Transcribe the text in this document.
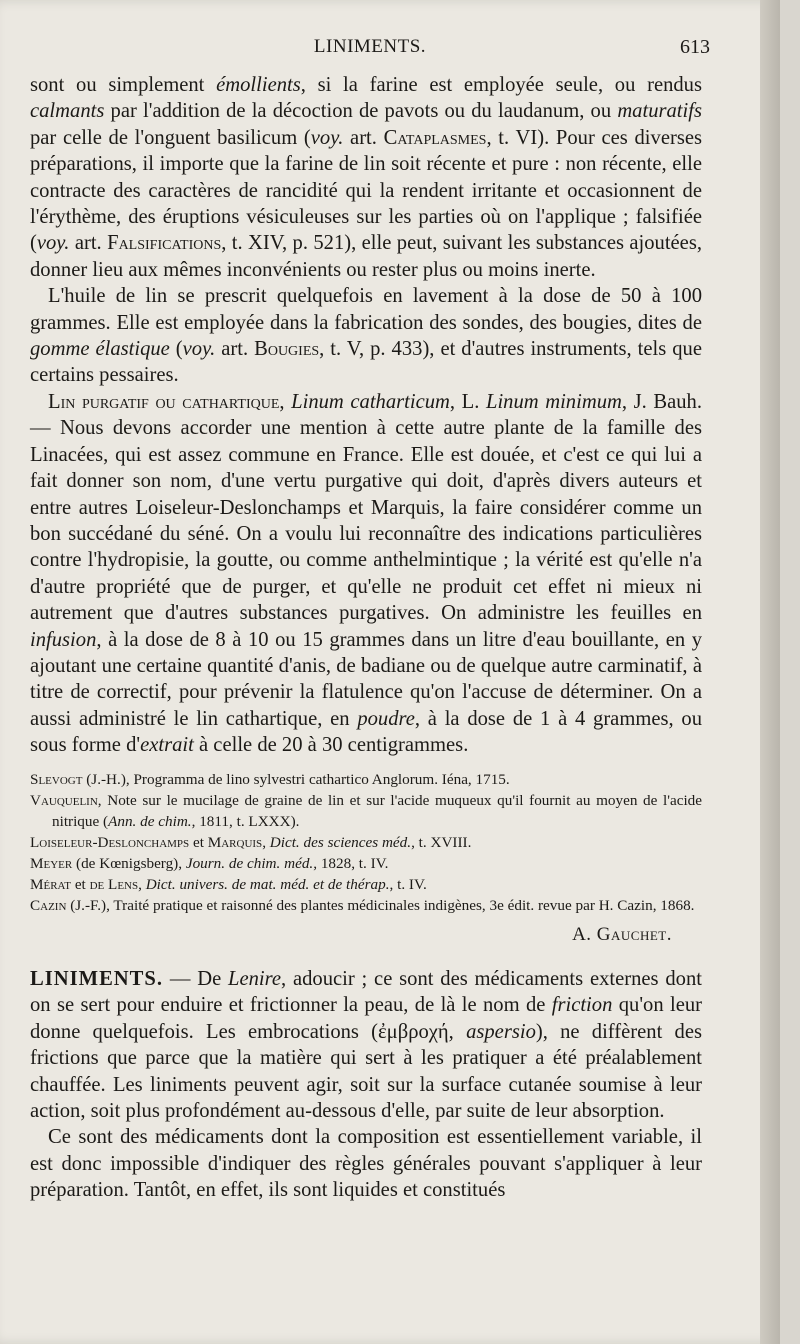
LINIMENTS.	613

sont ou simplement émollients, si la farine est employée seule, ou rendus calmants par l'addition de la décoction de pavots ou du laudanum, ou maturatifs par celle de l'onguent basilicum (voy. art. Cataplasmes, t. VI). Pour ces diverses préparations, il importe que la farine de lin soit récente et pure : non récente, elle contracte des caractères de rancidité qui la rendent irritante et occasionnent de l'érythème, des éruptions vésiculeuses sur les parties où on l'applique ; falsifiée (voy. art. Falsifications, t. XIV, p. 521), elle peut, suivant les substances ajoutées, donner lieu aux mêmes inconvénients ou rester plus ou moins inerte.

L'huile de lin se prescrit quelquefois en lavement à la dose de 50 à 100 grammes. Elle est employée dans la fabrication des sondes, des bougies, dites de gomme élastique (voy. art. Bougies, t. V, p. 433), et d'autres instruments, tels que certains pessaires.

Lin purgatif ou cathartique, Linum catharticum, L. Linum minimum, J. Bauh. — Nous devons accorder une mention à cette autre plante de la famille des Linacées, qui est assez commune en France. Elle est douée, et c'est ce qui lui a fait donner son nom, d'une vertu purgative qui doit, d'après divers auteurs et entre autres Loiseleur-Deslonchamps et Marquis, la faire considérer comme un bon succédané du séné. On a voulu lui reconnaître des indications particulières contre l'hydropisie, la goutte, ou comme anthelmintique ; la vérité est qu'elle n'a d'autre propriété que de purger, et qu'elle ne produit cet effet ni mieux ni autrement que d'autres substances purgatives. On administre les feuilles en infusion, à la dose de 8 à 10 ou 15 grammes dans un litre d'eau bouillante, en y ajoutant une certaine quantité d'anis, de badiane ou de quelque autre carminatif, à titre de correctif, pour prévenir la flatulence qu'on l'accuse de déterminer. On a aussi administré le lin cathartique, en poudre, à la dose de 1 à 4 grammes, ou sous forme d'extrait à celle de 20 à 30 centigrammes.

Slevogt (J.-H.), Programma de lino sylvestri cathartico Anglorum. Iéna, 1715.
Vauquelin, Note sur le mucilage de graine de lin et sur l'acide muqueux qu'il fournit au moyen de l'acide nitrique (Ann. de chim., 1811, t. LXXX).
Loiseleur-Deslonchamps et Marquis, Dict. des sciences méd., t. XVIII.
Meyer (de Kœnigsberg), Journ. de chim. méd., 1828, t. IV.
Mérat et de Lens, Dict. univers. de mat. méd. et de thérap., t. IV.
Cazin (J.-F.), Traité pratique et raisonné des plantes médicinales indigènes, 3e édit. revue par H. Cazin, 1868.
A. Gauchet.

LINIMENTS. — De Lenire, adoucir ; ce sont des médicaments externes dont on se sert pour enduire et frictionner la peau, de là le nom de friction qu'on leur donne quelquefois. Les embrocations (ἐμβροχή, aspersio), ne diffèrent des frictions que parce que la matière qui sert à les pratiquer a été préalablement chauffée. Les liniments peuvent agir, soit sur la surface cutanée soumise à leur action, soit plus profondément au-dessous d'elle, par suite de leur absorption.

Ce sont des médicaments dont la composition est essentiellement variable, il est donc impossible d'indiquer des règles générales pouvant s'appliquer à leur préparation. Tantôt, en effet, ils sont liquides et constitués
